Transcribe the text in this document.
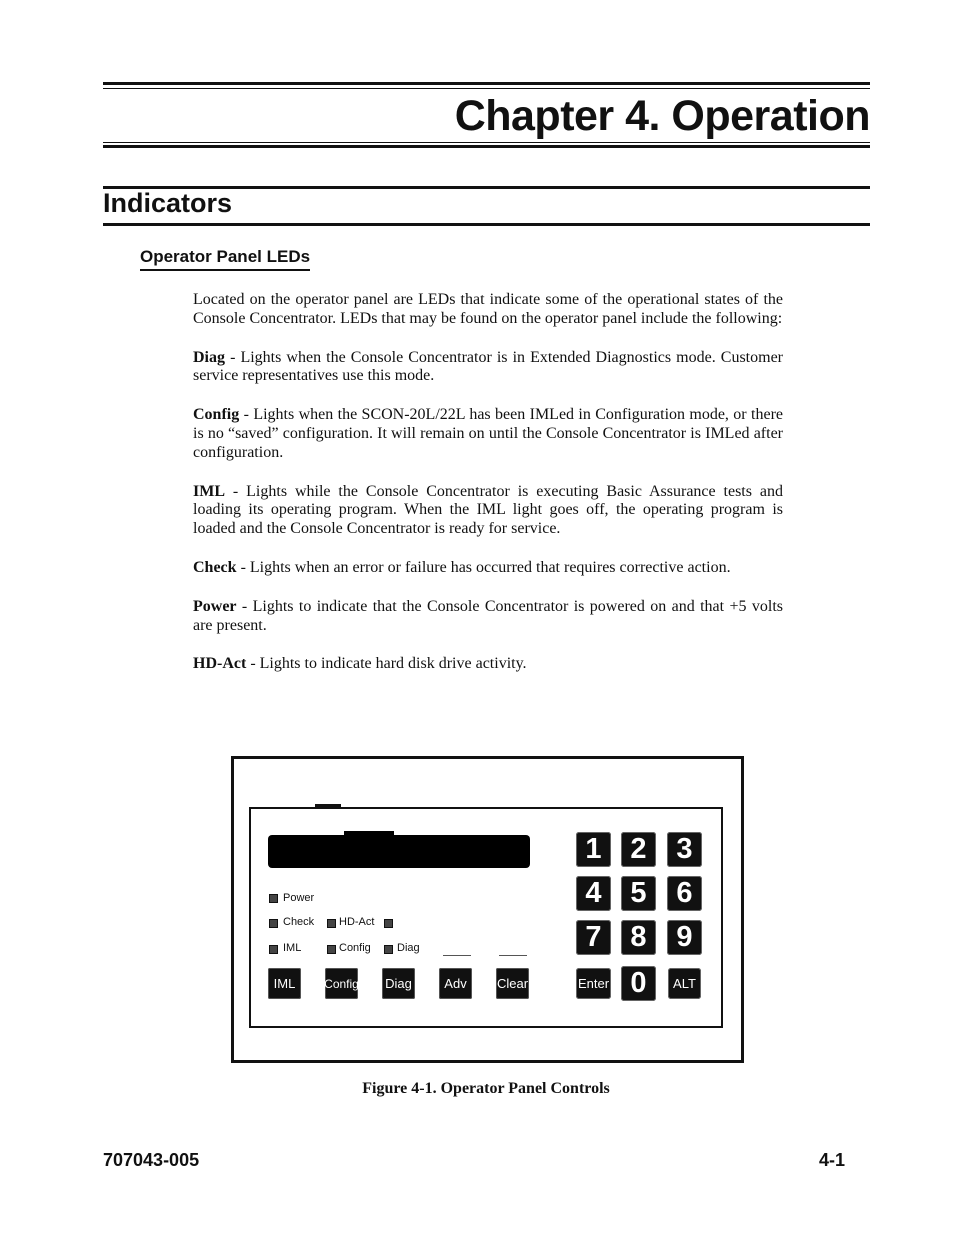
Chapter 4. Operation
Indicators
Operator Panel LEDs

Located on the operator panel are LEDs that indicate some of the operational states of the Console Concentrator. LEDs that may be found on the operator panel include the following:

Diag - Lights when the Console Concentrator is in Extended Diagnostics mode. Customer service representatives use this mode.

Config - Lights when the SCON-20L/22L has been IMLed in Configuration mode, or there is no “saved” configuration. It will remain on until the Console Concentrator is IMLed after configuration.

IML - Lights while the Console Concentrator is executing Basic Assurance tests and loading its operating program. When the IML light goes off, the operating program is loaded and the Console Concentrator is ready for service.

Check - Lights when an error or failure has occurred that requires corrective action.

Power - Lights to indicate that the Console Concentrator is powered on and that +5 volts are present.

HD-Act - Lights to indicate hard disk drive activity.

Power
Check HD-Act
IML	Config Diag
IML	Config Diag	Adv	Clear
1 2	3
4 5	6
7 8	9
Enter 0	ALT
Figure 4-1. Operator Panel Controls
707043-005	4-1
